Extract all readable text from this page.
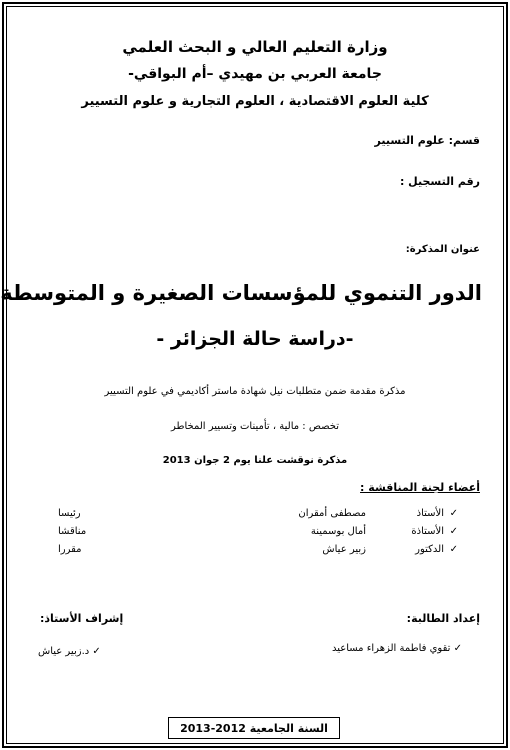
وزارة التعليم العالي و البحث العلمي
جامعة العربي بن مهيدي –أم البواقي-
كلية العلوم الاقتصادية ، العلوم التجارية و علوم التسيير
قسم: علوم التسيير
رقم التسجيل :
عنوان المذكرة:
الدور التنموي للمؤسسات الصغيرة و المتوسطة
-دراسة حالة الجزائر -
مذكرة مقدمة ضمن متطلبات نيل شهادة ماستر أكاديمي في علوم التسيير
تخصص : مالية ، تأمينات وتسيير المخاطر
مذكرة نوقشت علنا يوم 2 جوان 2013
أعضاء لجنة المناقشة :
✓
الأستاذ
مصطفى أمقران
رئيسا
✓
الأستاذة
أمال بوسمينة
مناقشا
✓
الدكتور
زبير عياش
مقررا
إعداد الطالبة:
إشراف الأستاذ:
✓ تقوي فاطمة الزهراء مساعيد
✓ د.زبير عياش
السنة الجامعية 2012-2013
